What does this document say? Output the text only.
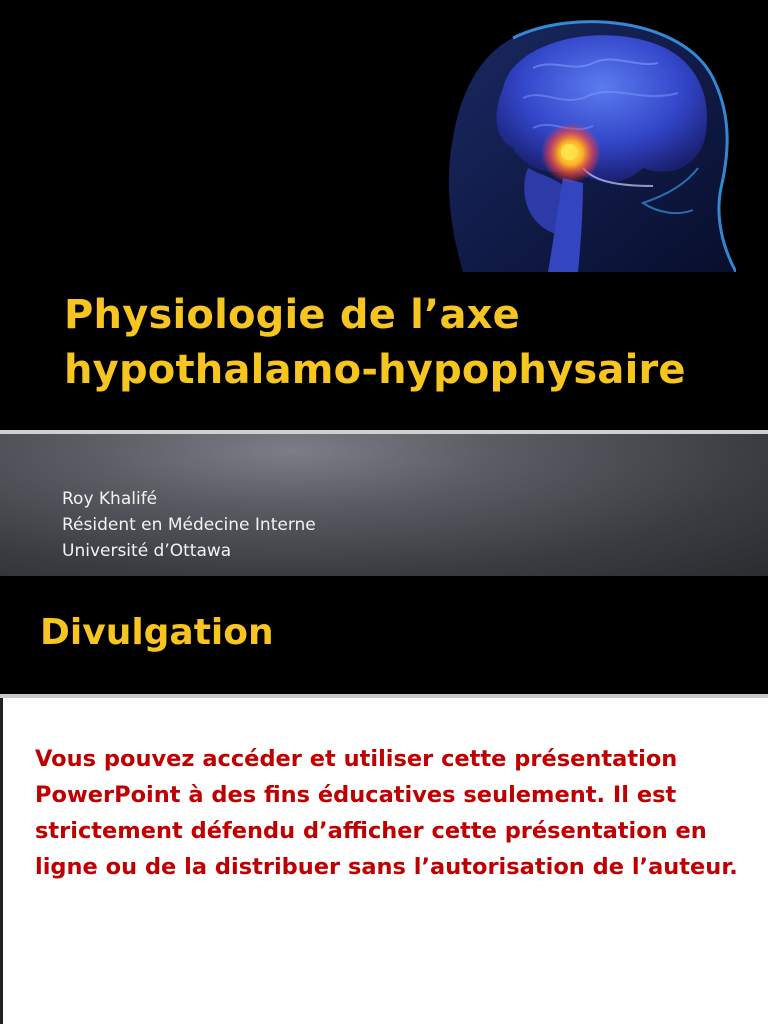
Physiologie de l’axe
hypothalamo-hypophysaire
Roy Khalifé
Résident en Médecine Interne
Université d’Ottawa
Divulgation
Vous pouvez accéder et utiliser cette présentation PowerPoint à des fins éducatives seulement. Il est strictement défendu d’afficher cette présentation en ligne ou de la distribuer sans l’autorisation de l’auteur.
